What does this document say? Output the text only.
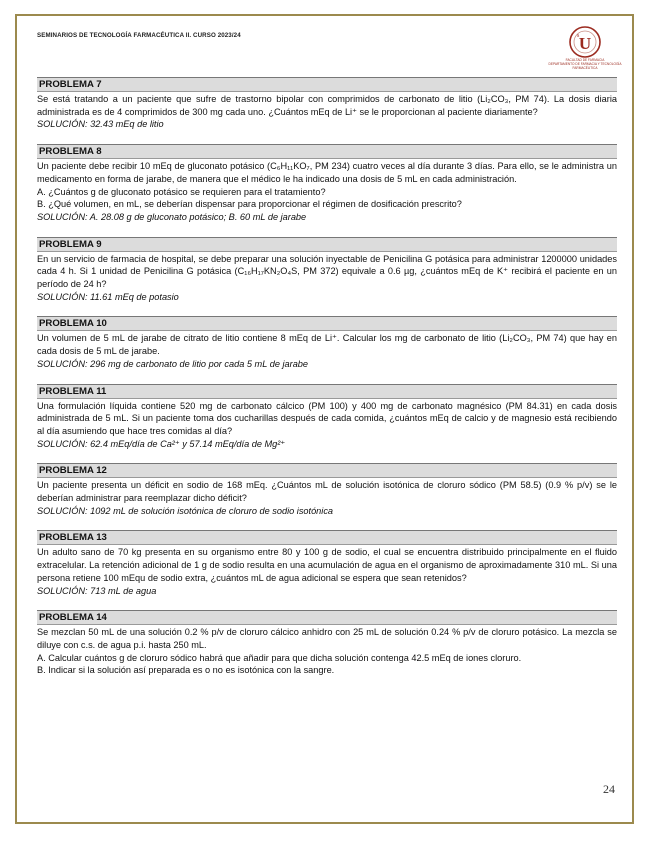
SEMINARIOS DE TECNOLOGÍA FARMACÉUTICA II. CURSO 2023/24	U
s
FACULTAD DE FARMACIA
DEPARTAMENTO DE FARMACIA Y TECNOLOGÍA FARMACÉUTICA
PROBLEMA 7

Se está tratando a un paciente que sufre de trastorno bipolar con comprimidos de carbonato de litio (Li₂CO₃, PM 74). La dosis diaria administrada es de 4 comprimidos de 300 mg cada uno. ¿Cuántos mEq de Li⁺ se le proporcionan al paciente diariamente?

SOLUCIÓN: 32.43 mEq de litio

PROBLEMA 8

Un paciente debe recibir 10 mEq de gluconato potásico (C₆H₁₁KO₇, PM 234) cuatro veces al día durante 3 días. Para ello, se le administra un medicamento en forma de jarabe, de manera que el médico le ha indicado una dosis de 5 mL en cada administración.

A. ¿Cuántos g de gluconato potásico se requieren para el tratamiento?

B. ¿Qué volumen, en mL, se deberían dispensar para proporcionar el régimen de dosificación prescrito?

SOLUCIÓN: A. 28.08 g de gluconato potásico; B. 60 mL de jarabe

PROBLEMA 9

En un servicio de farmacia de hospital, se debe preparar una solución inyectable de Penicilina G potásica para administrar 1200000 unidades cada 4 h. Si 1 unidad de Penicilina G potásica (C₁₆H₁₇KN₂O₄S, PM 372) equivale a 0.6 µg, ¿cuántos mEq de K⁺ recibirá el paciente en un período de 24 h?

SOLUCIÓN: 11.61 mEq de potasio

PROBLEMA 10

Un volumen de 5 mL de jarabe de citrato de litio contiene 8 mEq de Li⁺. Calcular los mg de carbonato de litio (Li₂CO₃, PM 74) que hay en cada dosis de 5 mL de jarabe.

SOLUCIÓN: 296 mg de carbonato de litio por cada 5 mL de jarabe

PROBLEMA 11

Una formulación líquida contiene 520 mg de carbonato cálcico (PM 100) y 400 mg de carbonato magnésico (PM 84.31) en cada dosis administrada de 5 mL. Si un paciente toma dos cucharillas después de cada comida, ¿cuántos mEq de calcio y de magnesio está recibiendo al día asumiendo que hace tres comidas al día?

SOLUCIÓN: 62.4 mEq/día de Ca²⁺ y 57.14 mEq/día de Mg²⁺

PROBLEMA 12

Un paciente presenta un déficit en sodio de 168 mEq. ¿Cuántos mL de solución isotónica de cloruro sódico (PM 58.5) (0.9 % p/v) se le deberían administrar para reemplazar dicho déficit?

SOLUCIÓN: 1092 mL de solución isotónica de cloruro de sodio isotónica

PROBLEMA 13

Un adulto sano de 70 kg presenta en su organismo entre 80 y 100 g de sodio, el cual se encuentra distribuido principalmente en el fluido extracelular. La retención adicional de 1 g de sodio resulta en una acumulación de agua en el organismo de aproximadamente 310 mL. Si una persona retiene 100 mEqu de sodio extra, ¿cuántos mL de agua adicional se espera que sean retenidos?

SOLUCIÓN: 713 mL de agua

PROBLEMA 14

Se mezclan 50 mL de una solución 0.2 % p/v de cloruro cálcico anhidro con 25 mL de solución 0.24 % p/v de cloruro potásico. La mezcla se diluye con c.s. de agua p.i. hasta 250 mL.

A. Calcular cuántos g de cloruro sódico habrá que añadir para que dicha solución contenga 42.5 mEq de iones cloruro.

B. Indicar si la solución así preparada es o no es isotónica con la sangre.

24
